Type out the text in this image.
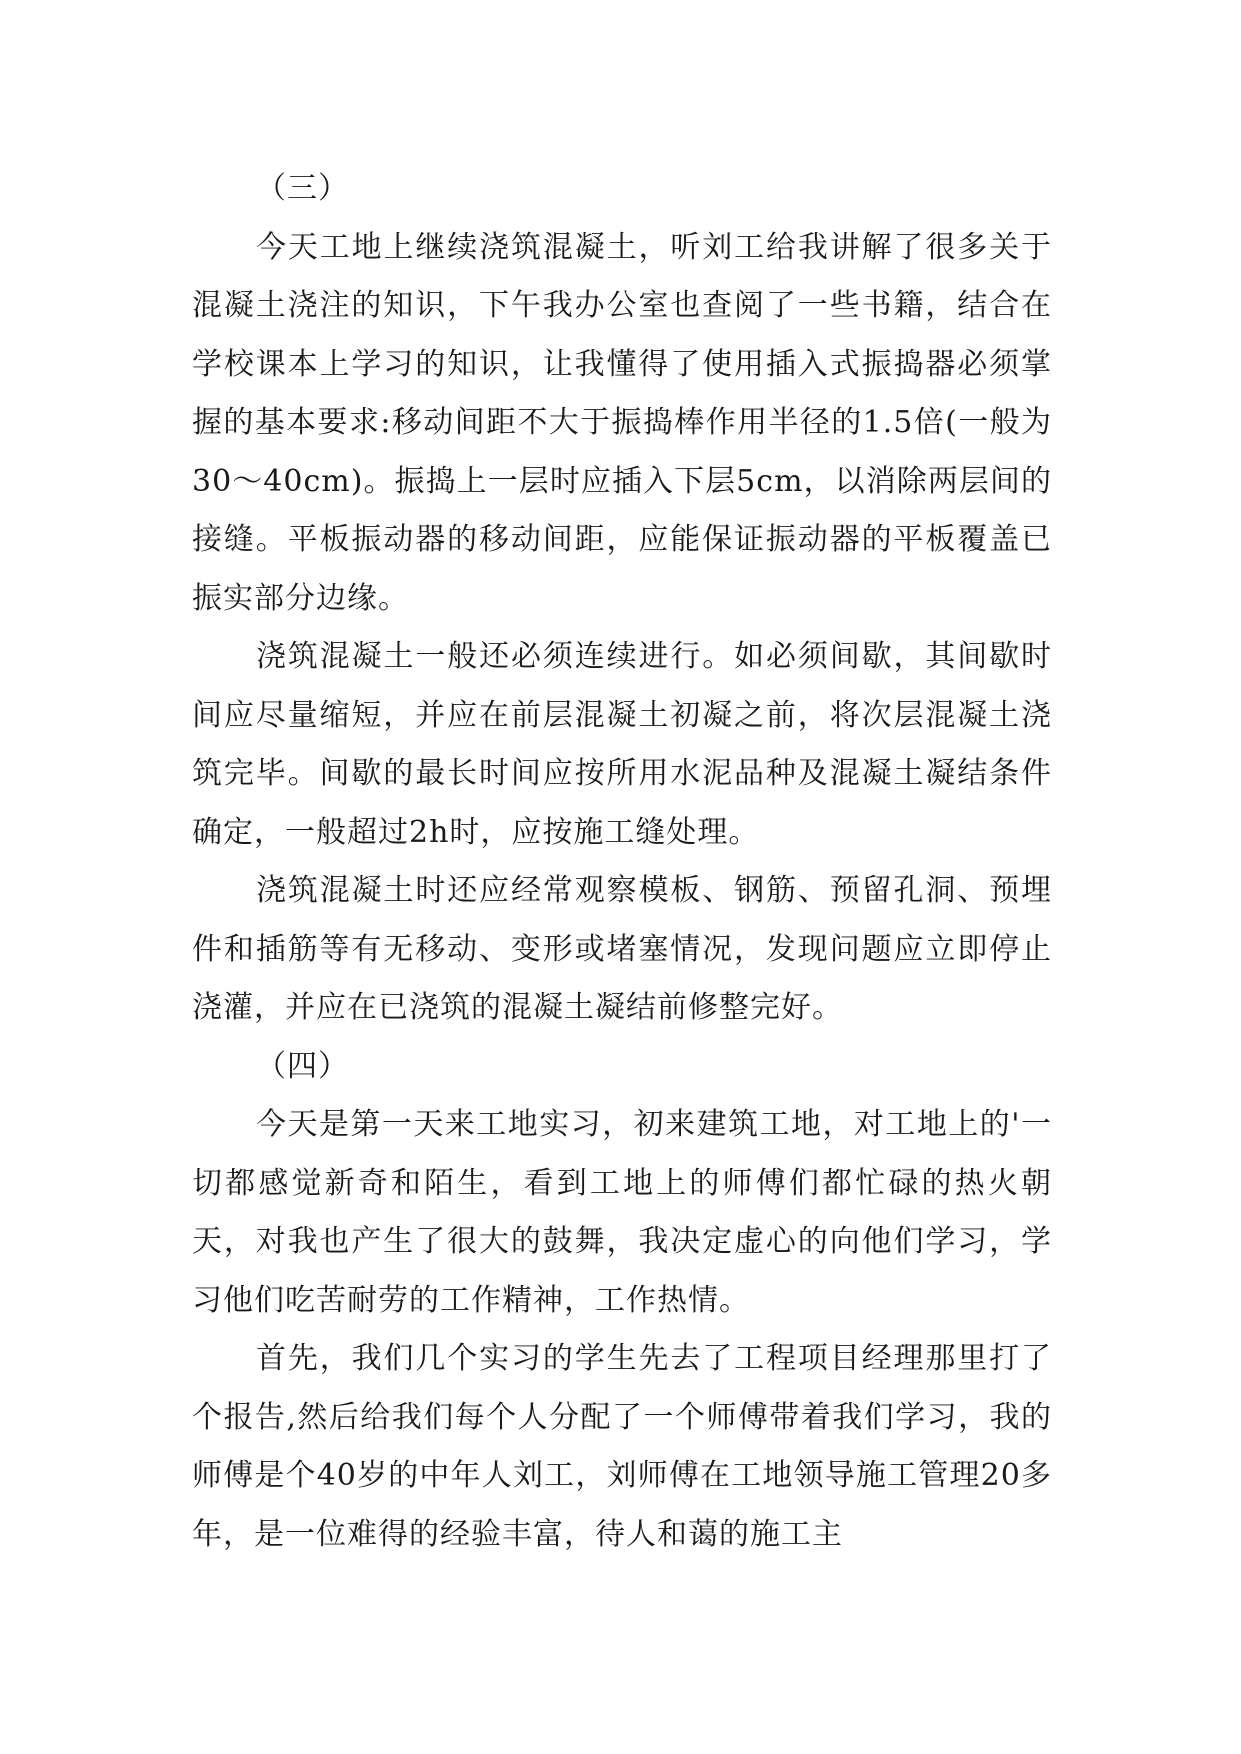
（三）

今天工地上继续浇筑混凝土，听刘工给我讲解了很多关于混凝土浇注的知识，下午我办公室也查阅了一些书籍，结合在学校课本上学习的知识，让我懂得了使用插入式振捣器必须掌握的基本要求:移动间距不大于振捣棒作用半径的1.5倍(一般为30～40cm)。振捣上一层时应插入下层5cm，以消除两层间的接缝。平板振动器的移动间距，应能保证振动器的平板覆盖已振实部分边缘。

浇筑混凝土一般还必须连续进行。如必须间歇，其间歇时间应尽量缩短，并应在前层混凝土初凝之前，将次层混凝土浇筑完毕。间歇的最长时间应按所用水泥品种及混凝土凝结条件确定，一般超过2h时，应按施工缝处理。

浇筑混凝土时还应经常观察模板、钢筋、预留孔洞、预埋件和插筋等有无移动、变形或堵塞情况，发现问题应立即停止浇灌，并应在已浇筑的混凝土凝结前修整完好。

（四）

今天是第一天来工地实习，初来建筑工地，对工地上的'一切都感觉新奇和陌生，看到工地上的师傅们都忙碌的热火朝天，对我也产生了很大的鼓舞，我决定虚心的向他们学习，学习他们吃苦耐劳的工作精神，工作热情。

首先，我们几个实习的学生先去了工程项目经理那里打了个报告,然后给我们每个人分配了一个师傅带着我们学习，我的师傅是个40岁的中年人刘工，刘师傅在工地领导施工管理20多年，是一位难得的经验丰富，待人和蔼的施工主
